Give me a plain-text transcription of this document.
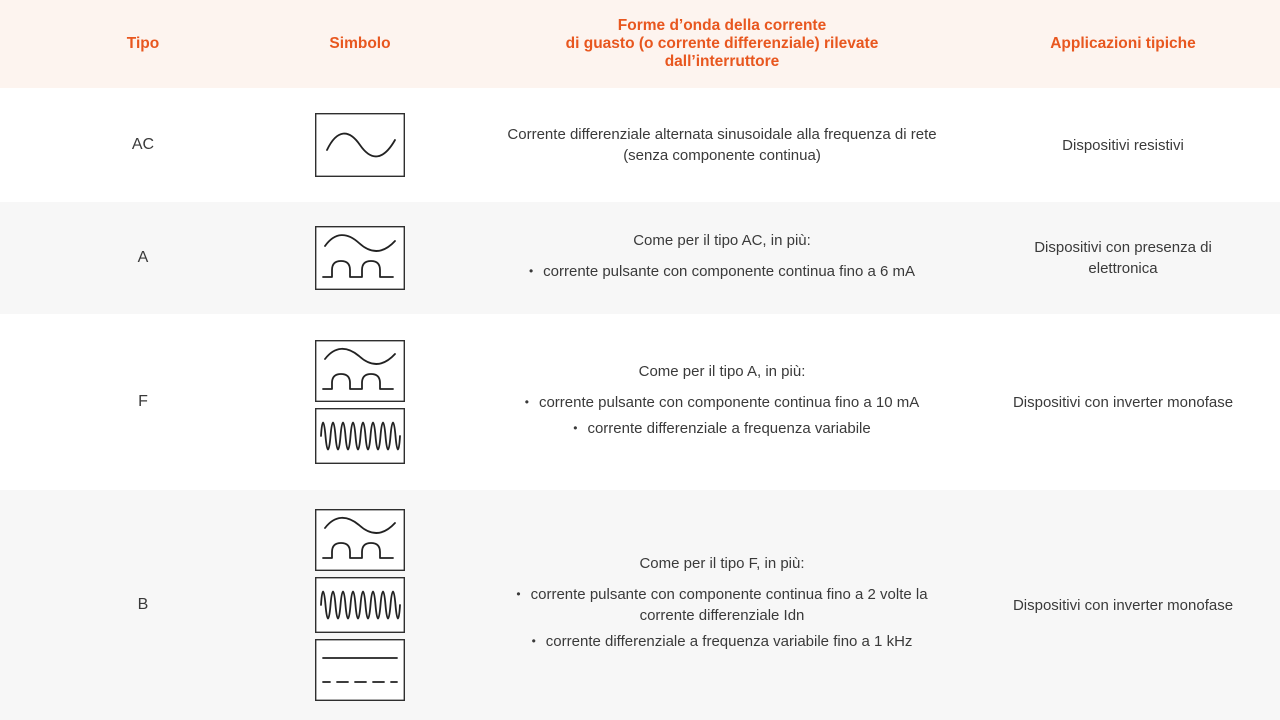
Tipo	Simbolo
Forme d’onda della corrente
di guasto (o corrente differenziale) rilevate
dall’interruttore
Applicazioni tipiche
AC
Corrente differenziale alternata sinusoidale alla frequenza di rete (senza componente continua)
Dispositivi resistivi
A
Come per il tipo AC, in più:
• corrente pulsante con componente continua fino a 6 mA
Dispositivi con presenza di elettronica
F
Come per il tipo A, in più:
• corrente pulsante con componente continua fino a 10 mA
• corrente differenziale a frequenza variabile
Dispositivi con inverter monofase
B
Come per il tipo F, in più:
• corrente pulsante con componente continua fino a 2 volte la corrente differenziale Idn
• corrente differenziale a frequenza variabile fino a 1 kHz
Dispositivi con inverter monofase
